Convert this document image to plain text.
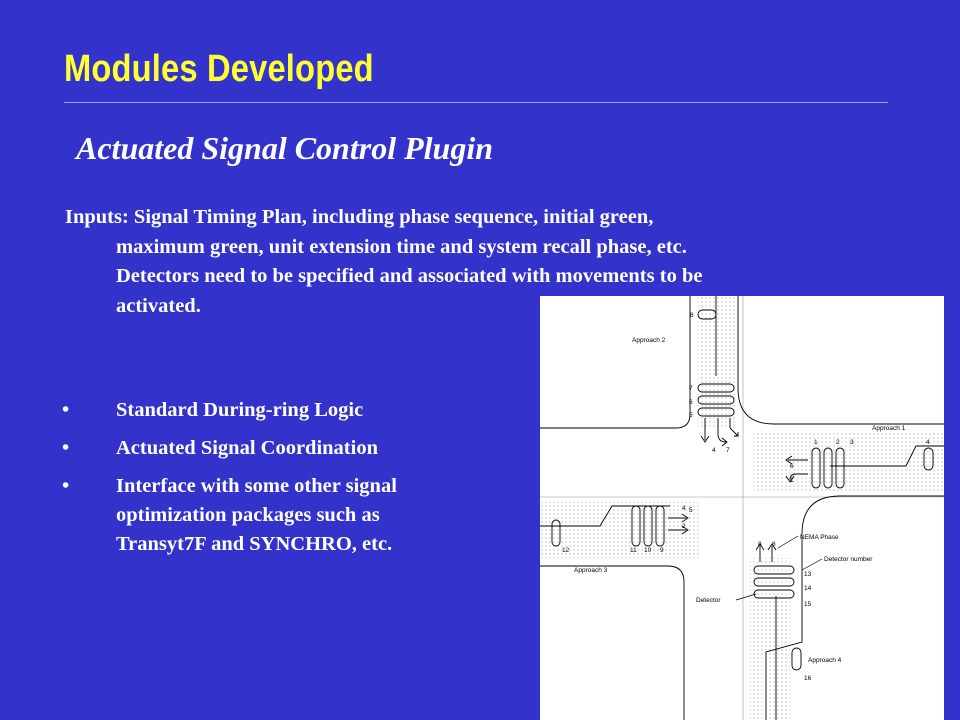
Modules Developed
Actuated Signal Control Plugin
Inputs: Signal Timing Plan, including phase sequence, initial green,
maximum green, unit extension time and system recall phase, etc.
Detectors need to be specified and associated with movements to be
activated.
• Standard During-ring Logic
• Actuated Signal Coordination
• Interface with some other signal
optimization packages such as
Transyt7F and SYNCHRO, etc.
Approach 2
Approach 1
Approach 3
Approach 4
NEMA Phase
Detector number
Detector
8
7
6
5
4 7
1	2 3	4
6
1
4 5
2
12	11 10 9
8 8
13
14
15
16
